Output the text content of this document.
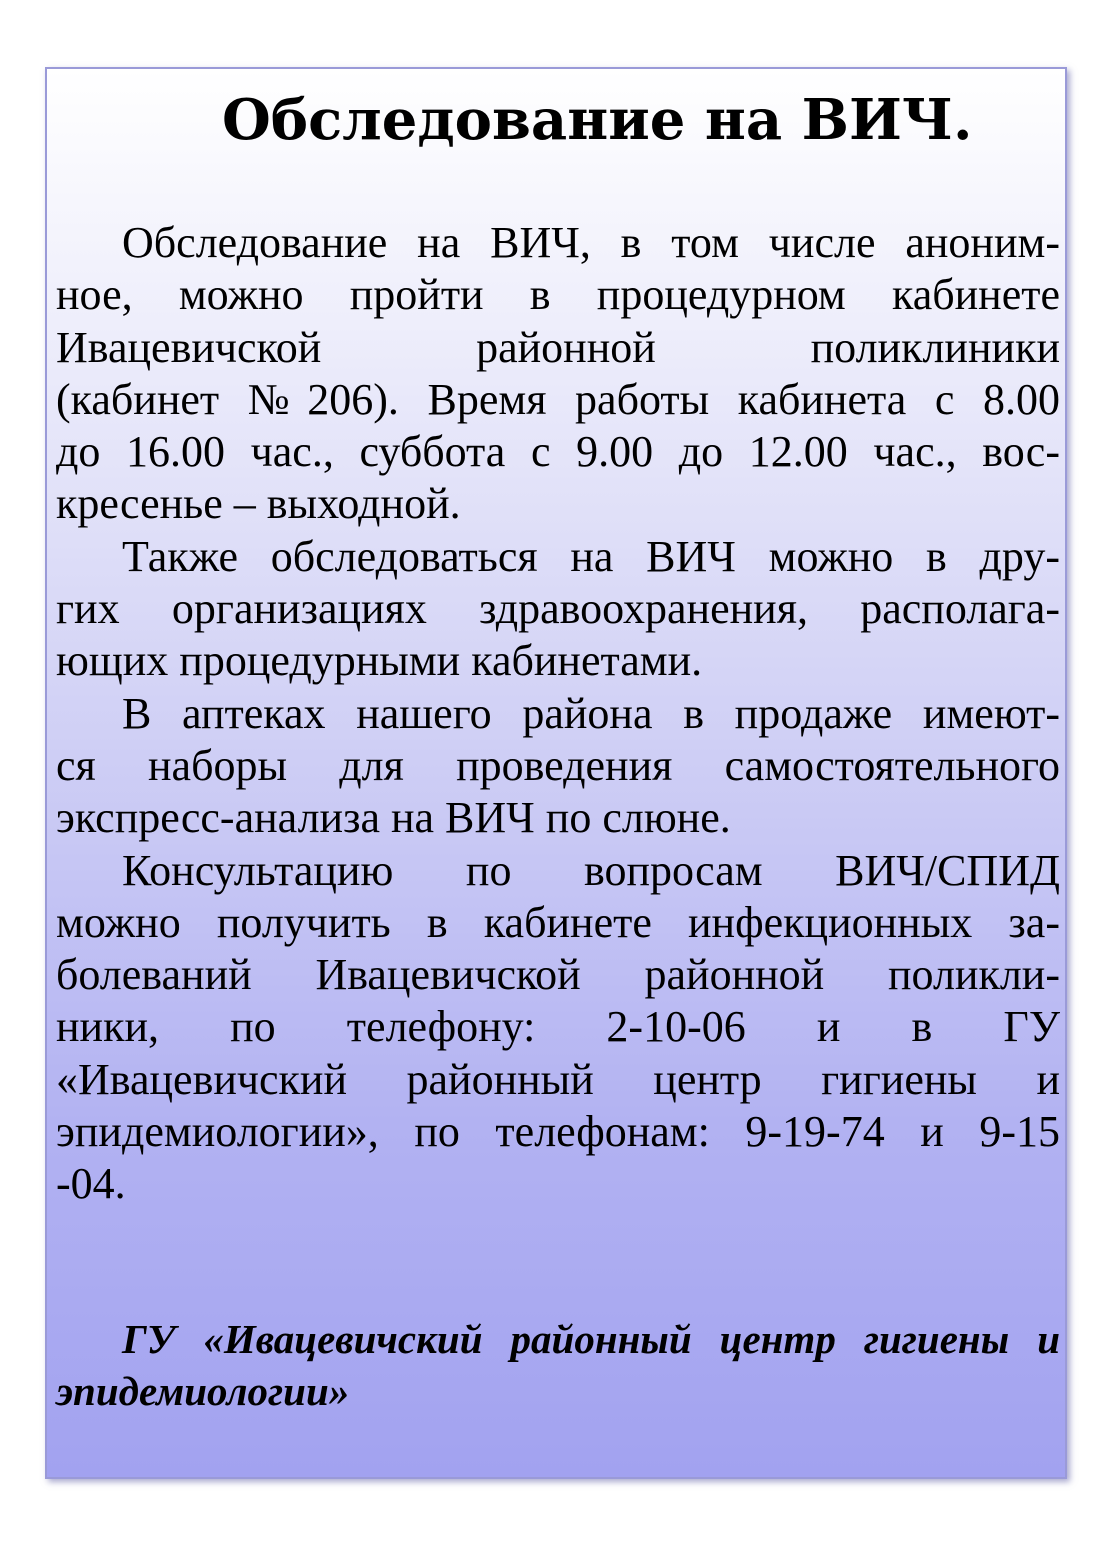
Обследование на ВИЧ.

Обследование на ВИЧ, в том числе аноним-
ное, можно пройти в процедурном кабинете
Ивацевичской районной поликлиники
(кабинет №206). Время работы кабинета с 8.00
до 16.00 час., суббота с 9.00 до 12.00 час., вос-
кресенье – выходной.

Также обследоваться на ВИЧ можно в дру-
гих организациях здравоохранения, располага-
ющих процедурными кабинетами.

В аптеках нашего района в продаже имеют-
ся наборы для проведения самостоятельного
экспресс-анализа на ВИЧ по слюне.

Консультацию по вопросам ВИЧ/СПИД
можно получить в кабинете инфекционных за-
болеваний Ивацевичской районной поликли-
ники, по телефону: 2-10-06 и в ГУ
«Ивацевичский районный центр гигиены и
эпидемиологии», по телефонам: 9-19-74 и 9-15
-04.

ГУ «Ивацевичский районный центр гигиены и
эпидемиологии»
